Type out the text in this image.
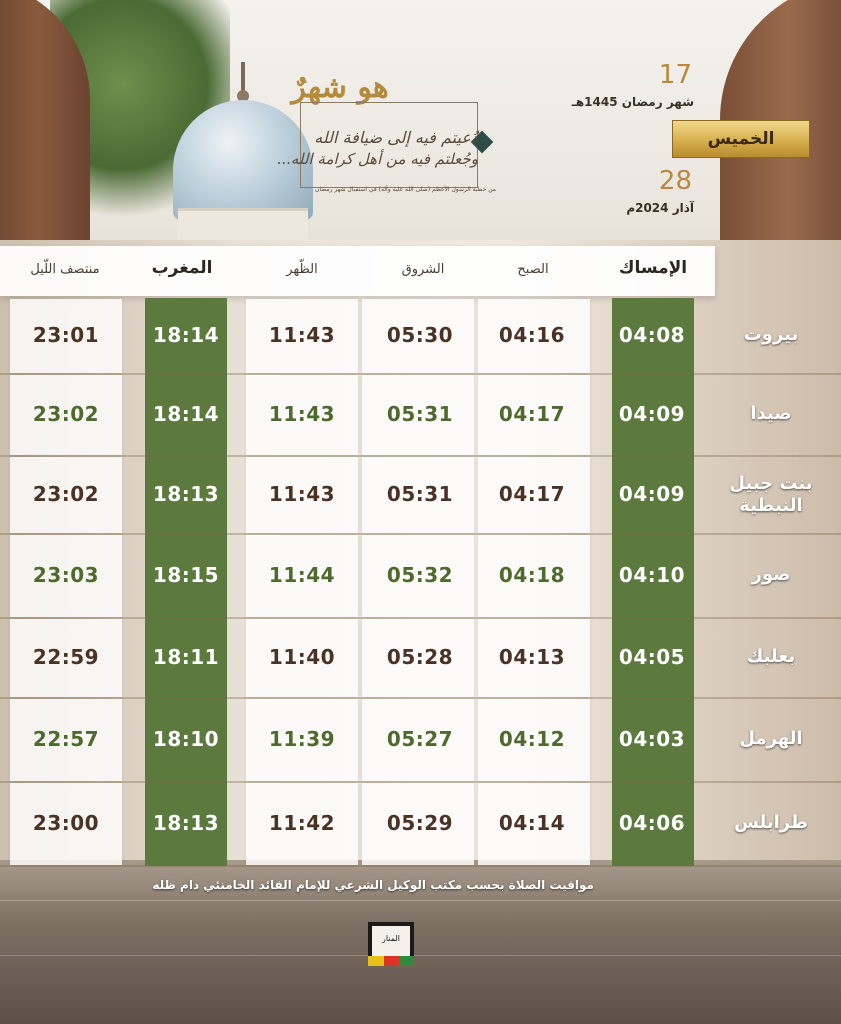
هو شهرٌ
دُعيتم فيه إلى ضيافة الله
وجُعلتم فيه من أهل كرامة الله...
من خطبة الرسول الأعظم (صلى الله عليه وآله) في استقبال شهر رمضان
17
شهر رمضان 1445هـ
الخميس
28
آذار 2024م
منتصف اللّيل	المغرب	الظّهر	الشروق	الصبح	الإمساك
23:01	18:14	11:43	05:30	04:16	04:08	بيروت
23:02	18:14	11:43	05:31	04:17	04:09	صيدا
23:02	18:13	11:43	05:31	04:17	04:09	بنت جبيل النبطية
23:03	18:15	11:44	05:32	04:18	04:10	صور
22:59	18:11	11:40	05:28	04:13	04:05	بعلبك
22:57	18:10	11:39	05:27	04:12	04:03	الهرمل
23:00	18:13	11:42	05:29	04:14	04:06	طرابلس
مواقيت الصلاة بحسب مكتب الوكيل الشرعي للإمام القائد الخامنئي دام ظله
المنار
